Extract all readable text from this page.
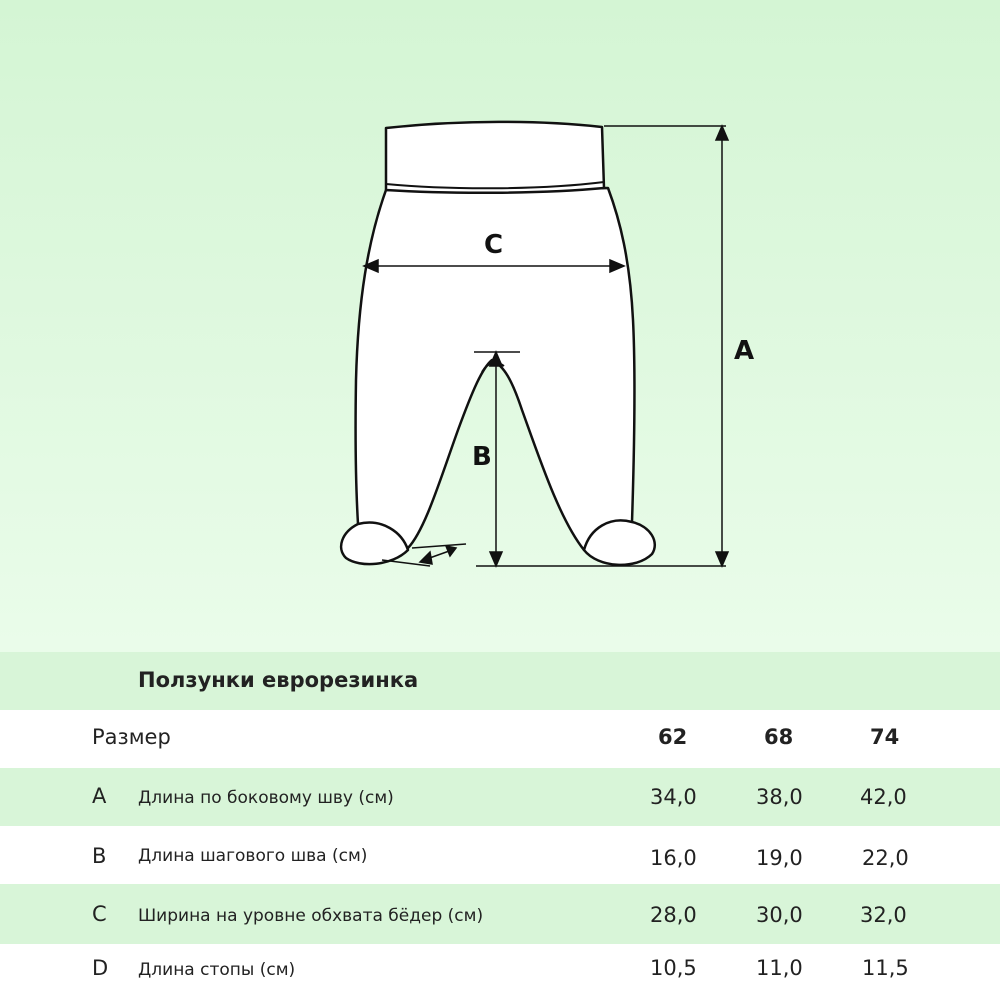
C
A
B
Ползунки еврорезинка
Размер	62	68	74
A Длина по боковому шву (см)	34,0	38,0	42,0
B Длина шагового шва (см)	16,0	19,0	22,0
C Ширина на уровне обхвата бёдер (см)	28,0	30,0	32,0
D Длина стопы (см)	10,5	11,0	11,5
